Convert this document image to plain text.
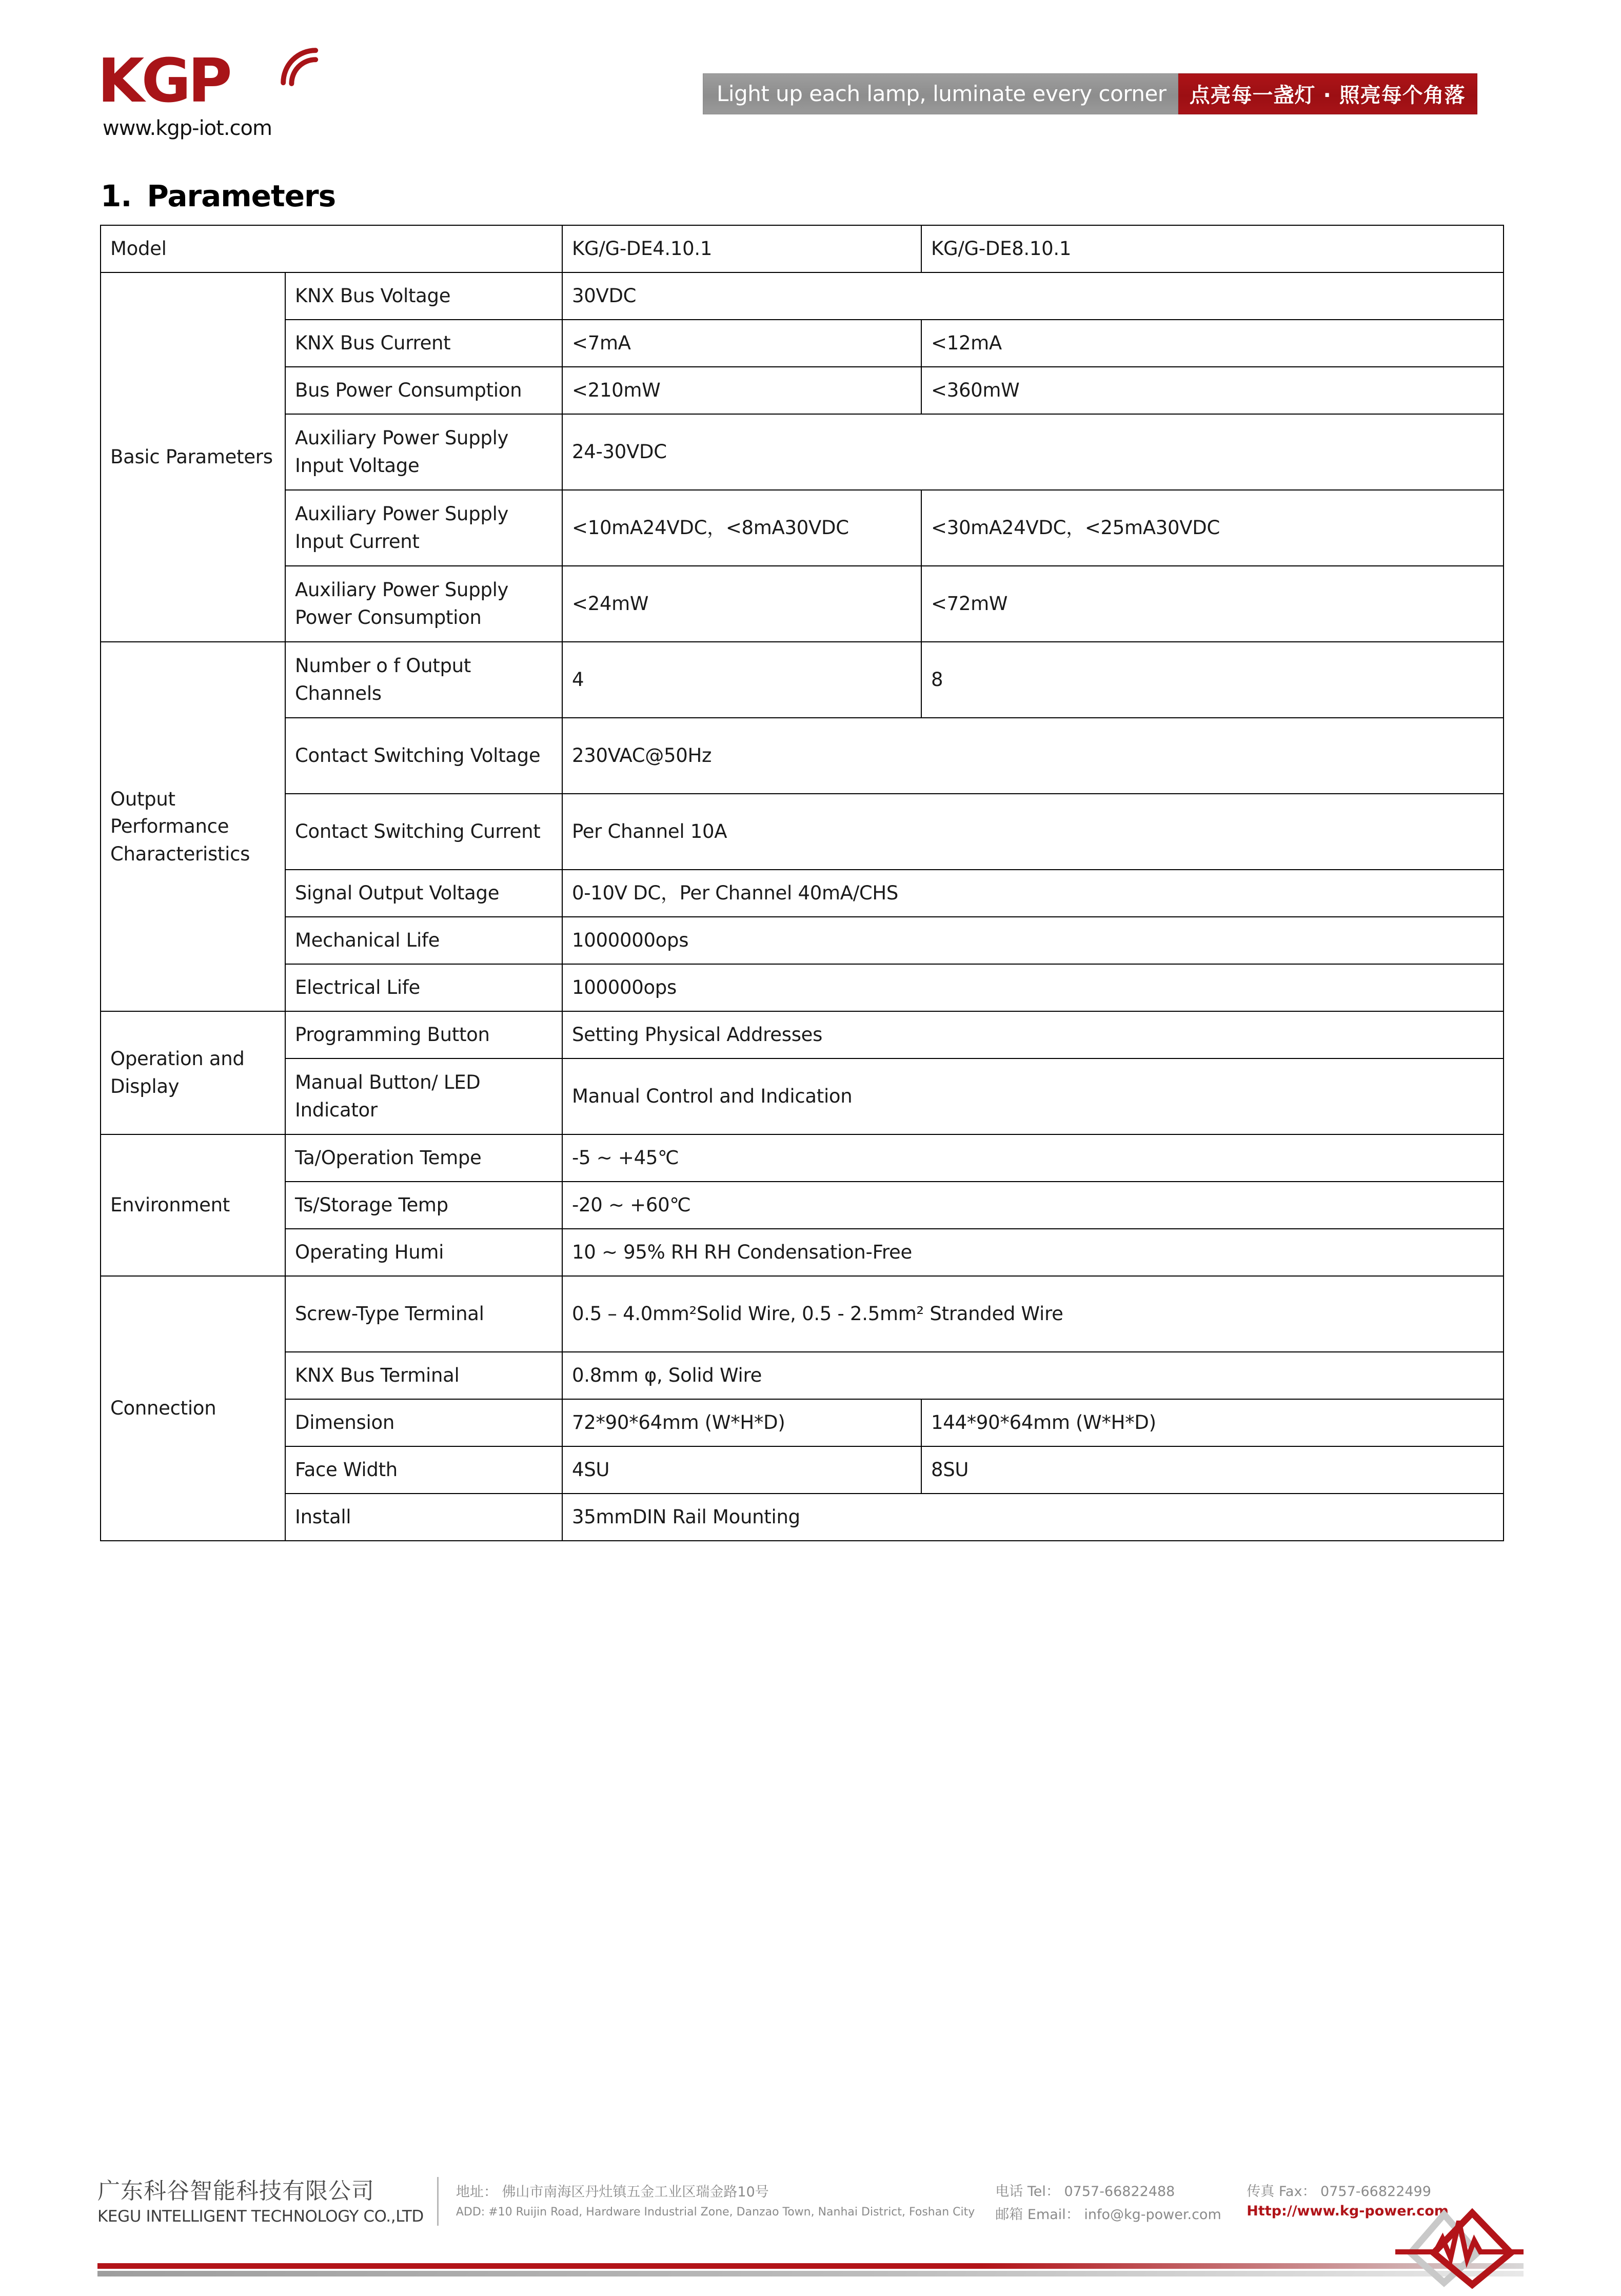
KGP
www.kgp-iot.com
Light up each lamp, luminate every corner	点亮每一盏灯 · 照亮每个角落
1. Parameters
Model		KG/G-DE4.10.1	KG/G-DE8.10.1
Basic Parameters	KNX Bus Voltage	30VDC	
	KNX Bus Current	<7mA	<12mA
	Bus Power Consumption	<210mW	<360mW
	Auxiliary Power Supply Input Voltage	24-30VDC	
	Auxiliary Power Supply Input Current	<10mA24VDC，<8mA30VDC	<30mA24VDC，<25mA30VDC
	Auxiliary Power Supply Power Consumption	<24mW	<72mW
Output Performance Characteristics	Number o f Output Channels	4	8
	Contact Switching Voltage	230VAC@50Hz	
	Contact Switching Current	Per Channel 10A	
	Signal Output Voltage	0-10V DC，Per Channel 40mA/CHS	
	Mechanical Life	1000000ops	
	Electrical Life	100000ops	
Operation and Display	Programming Button	Setting Physical Addresses	
	Manual Button/ LED Indicator	Manual Control and Indication	
Environment	Ta/Operation Tempe	-5 ~ +45℃	
	Ts/Storage Temp	-20 ~ +60℃	
	Operating Humi	10 ~ 95% RH RH Condensation-Free	
Connection	Screw-Type Terminal	0.5 – 4.0mm²Solid Wire, 0.5 - 2.5mm² Stranded Wire	
	KNX Bus Terminal	0.8mm φ, Solid Wire	
	Dimension	72*90*64mm (W*H*D)	144*90*64mm (W*H*D)
	Face Width	4SU	8SU
	Install	35mmDIN Rail Mounting	
广东科谷智能科技有限公司
KEGU INTELLIGENT TECHNOLOGY CO.,LTD
地址： 佛山市南海区丹灶镇五金工业区瑞金路10号
ADD: #10 Ruijin Road, Hardware Industrial Zone, Danzao Town, Nanhai District, Foshan City
电话 Tel： 0757-66822488	传真 Fax： 0757-66822499
邮箱 Email： info@kg-power.com	Http://www.kg-power.com
